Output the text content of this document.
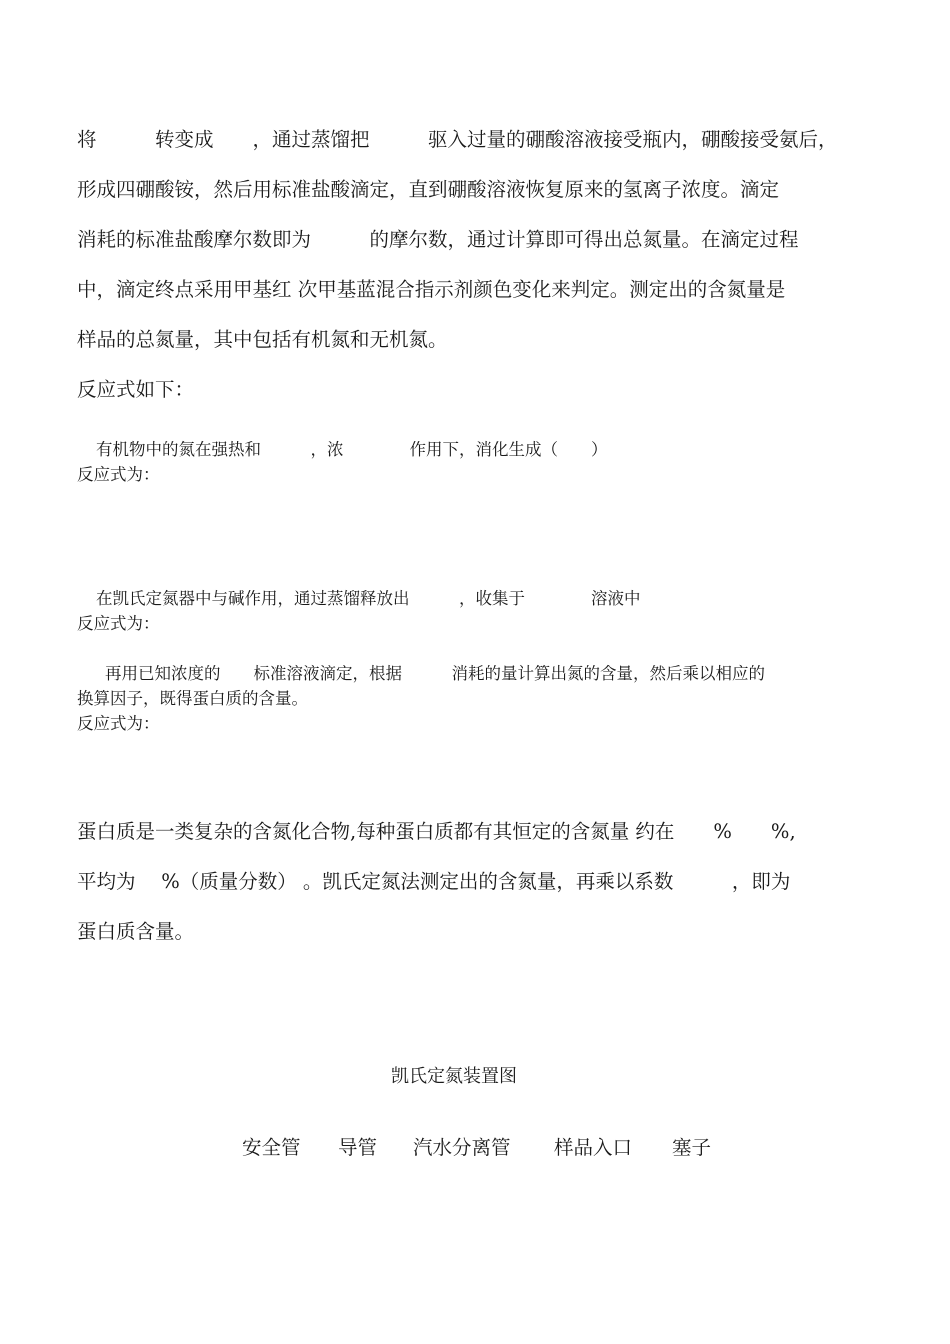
将　　　转变成　　，通过蒸馏把　　　驱入过量的硼酸溶液接受瓶内，硼酸接受氨后，
形成四硼酸铵，然后用标准盐酸滴定，直到硼酸溶液恢复原来的氢离子浓度。滴定
消耗的标准盐酸摩尔数即为　　　的摩尔数，通过计算即可得出总氮量。在滴定过程
中，滴定终点采用甲基红 次甲基蓝混合指示剂颜色变化来判定。测定出的含氮量是
样品的总氮量，其中包括有机氮和无机氮。
反应式如下：
有机物中的氮在强热和　　　，浓　　　　作用下，消化生成（　　）
反应式为：
在凯氏定氮器中与碱作用，通过蒸馏释放出　　　，收集于　　　　溶液中
反应式为：
再用已知浓度的　　标准溶液滴定，根据　　　消耗的量计算出氮的含量，然后乘以相应的
换算因子，既得蛋白质的含量。
反应式为：
蛋白质是一类复杂的含氮化合物,每种蛋白质都有其恒定的含氮量 约在　　%　　%,
平均为　 %（质量分数） 。凯氏定氮法测定出的含氮量，再乘以系数　　　，即为
蛋白质含量。
凯氏定氮装置图
安全管 导管 汽水分离管 样品入口 塞子
